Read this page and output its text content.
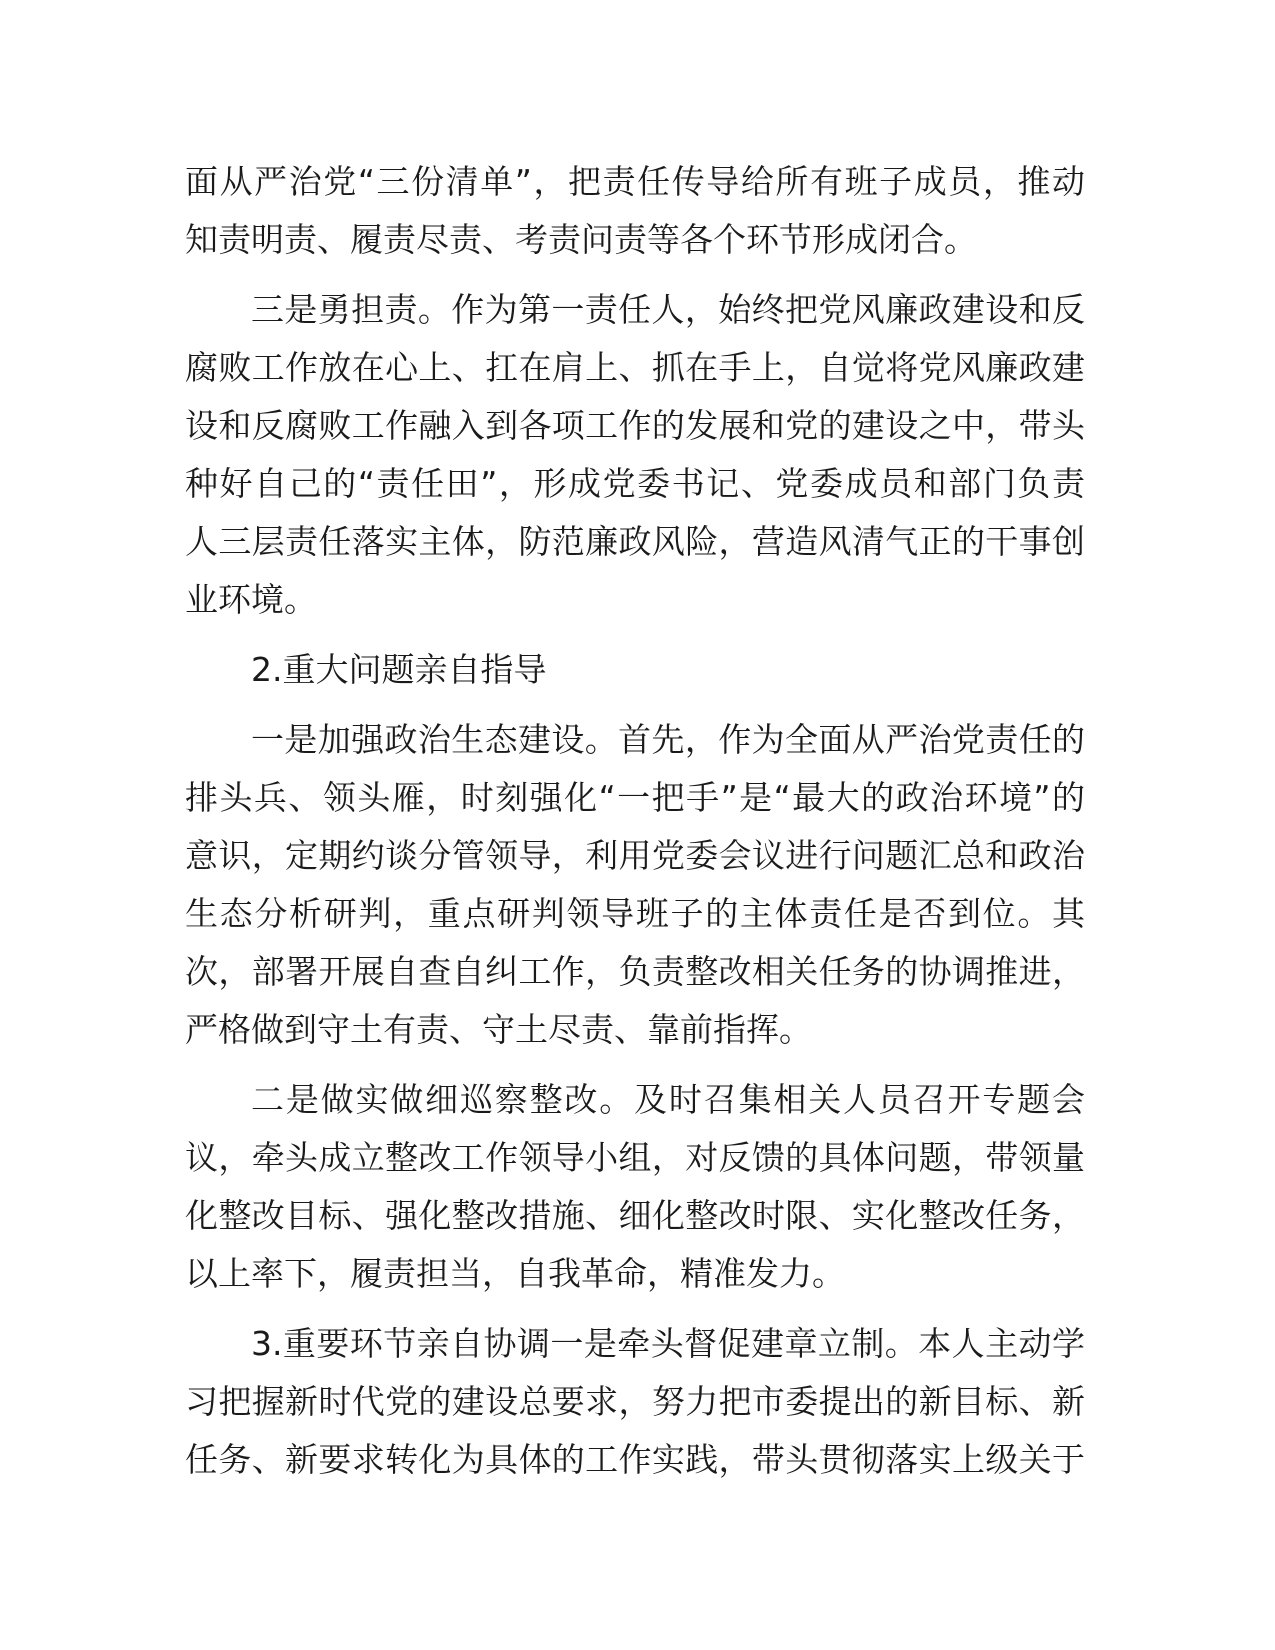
面从严治党“三份清单”，把责任传导给所有班子成员，推动
知责明责、履责尽责、考责问责等各个环节形成闭合。
三是勇担责。作为第一责任人，始终把党风廉政建设和反
腐败工作放在心上、扛在肩上、抓在手上，自觉将党风廉政建
设和反腐败工作融入到各项工作的发展和党的建设之中，带头
种好自己的“责任田”，形成党委书记、党委成员和部门负责
人三层责任落实主体，防范廉政风险，营造风清气正的干事创
业环境。
2.重大问题亲自指导
一是加强政治生态建设。首先，作为全面从严治党责任的
排头兵、领头雁，时刻强化“一把手”是“最大的政治环境”的
意识，定期约谈分管领导，利用党委会议进行问题汇总和政治
生态分析研判，重点研判领导班子的主体责任是否到位。其
次，部署开展自查自纠工作，负责整改相关任务的协调推进，
严格做到守土有责、守土尽责、靠前指挥。
二是做实做细巡察整改。及时召集相关人员召开专题会
议，牵头成立整改工作领导小组，对反馈的具体问题，带领量
化整改目标、强化整改措施、细化整改时限、实化整改任务，
以上率下，履责担当，自我革命，精准发力。
3.重要环节亲自协调一是牵头督促建章立制。本人主动学
习把握新时代党的建设总要求，努力把市委提出的新目标、新
任务、新要求转化为具体的工作实践，带头贯彻落实上级关于
